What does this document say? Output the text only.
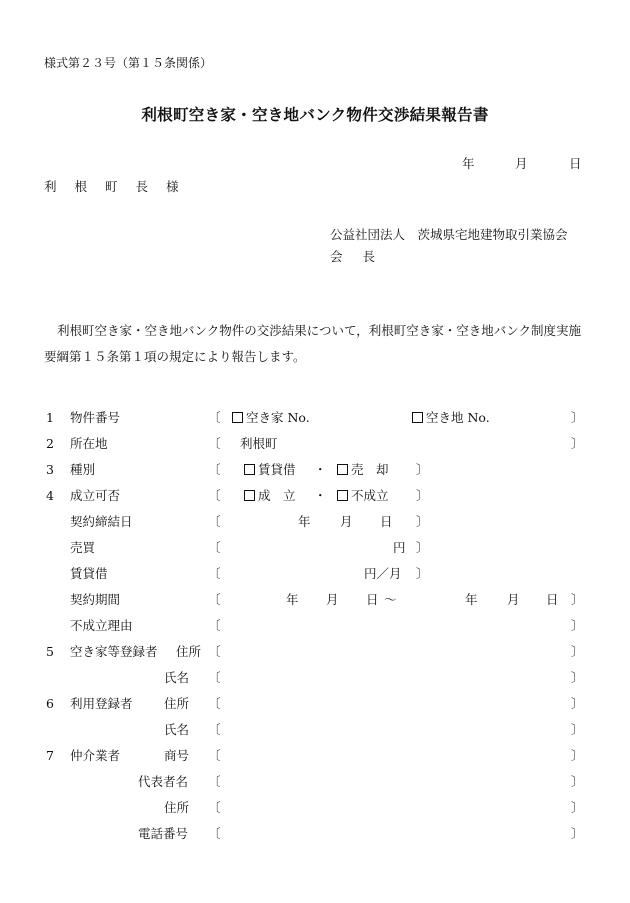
様式第２３号（第１５条関係）
利根町空き家・空き地バンク物件交渉結果報告書
年	月	日
利 根 町 長 様
公益社団法人　茨城県宅地建物取引業協会
会 長
利根町空き家・空き地バンク物件の交渉結果について，利根町空き家・空き地バンク制度実施要綱第１５条第１項の規定により報告します。
1 物件番号	〔	空き家 No.	空き地 No.	〕
2 所在地	〔 利根町	〕
3 種別	〔	賃貸借 ・	売　却 〕
4 成立可否	〔	成　立 ・	不成立 〕
契約締結日	〔	年 月 日 〕
売買	〔	円 〕
賃貸借	〔	円／月 〕
契約期間	〔	年 月 日 ～	年 月 日 〕
不成立理由	〔	〕
5 空き家等登録者 住所 〔	〕
氏名 〔	〕
6 利用登録者	住所 〔	〕
氏名 〔	〕
7 仲介業者	商号 〔	〕
代表者名 〔	〕
住所 〔	〕
電話番号 〔	〕
